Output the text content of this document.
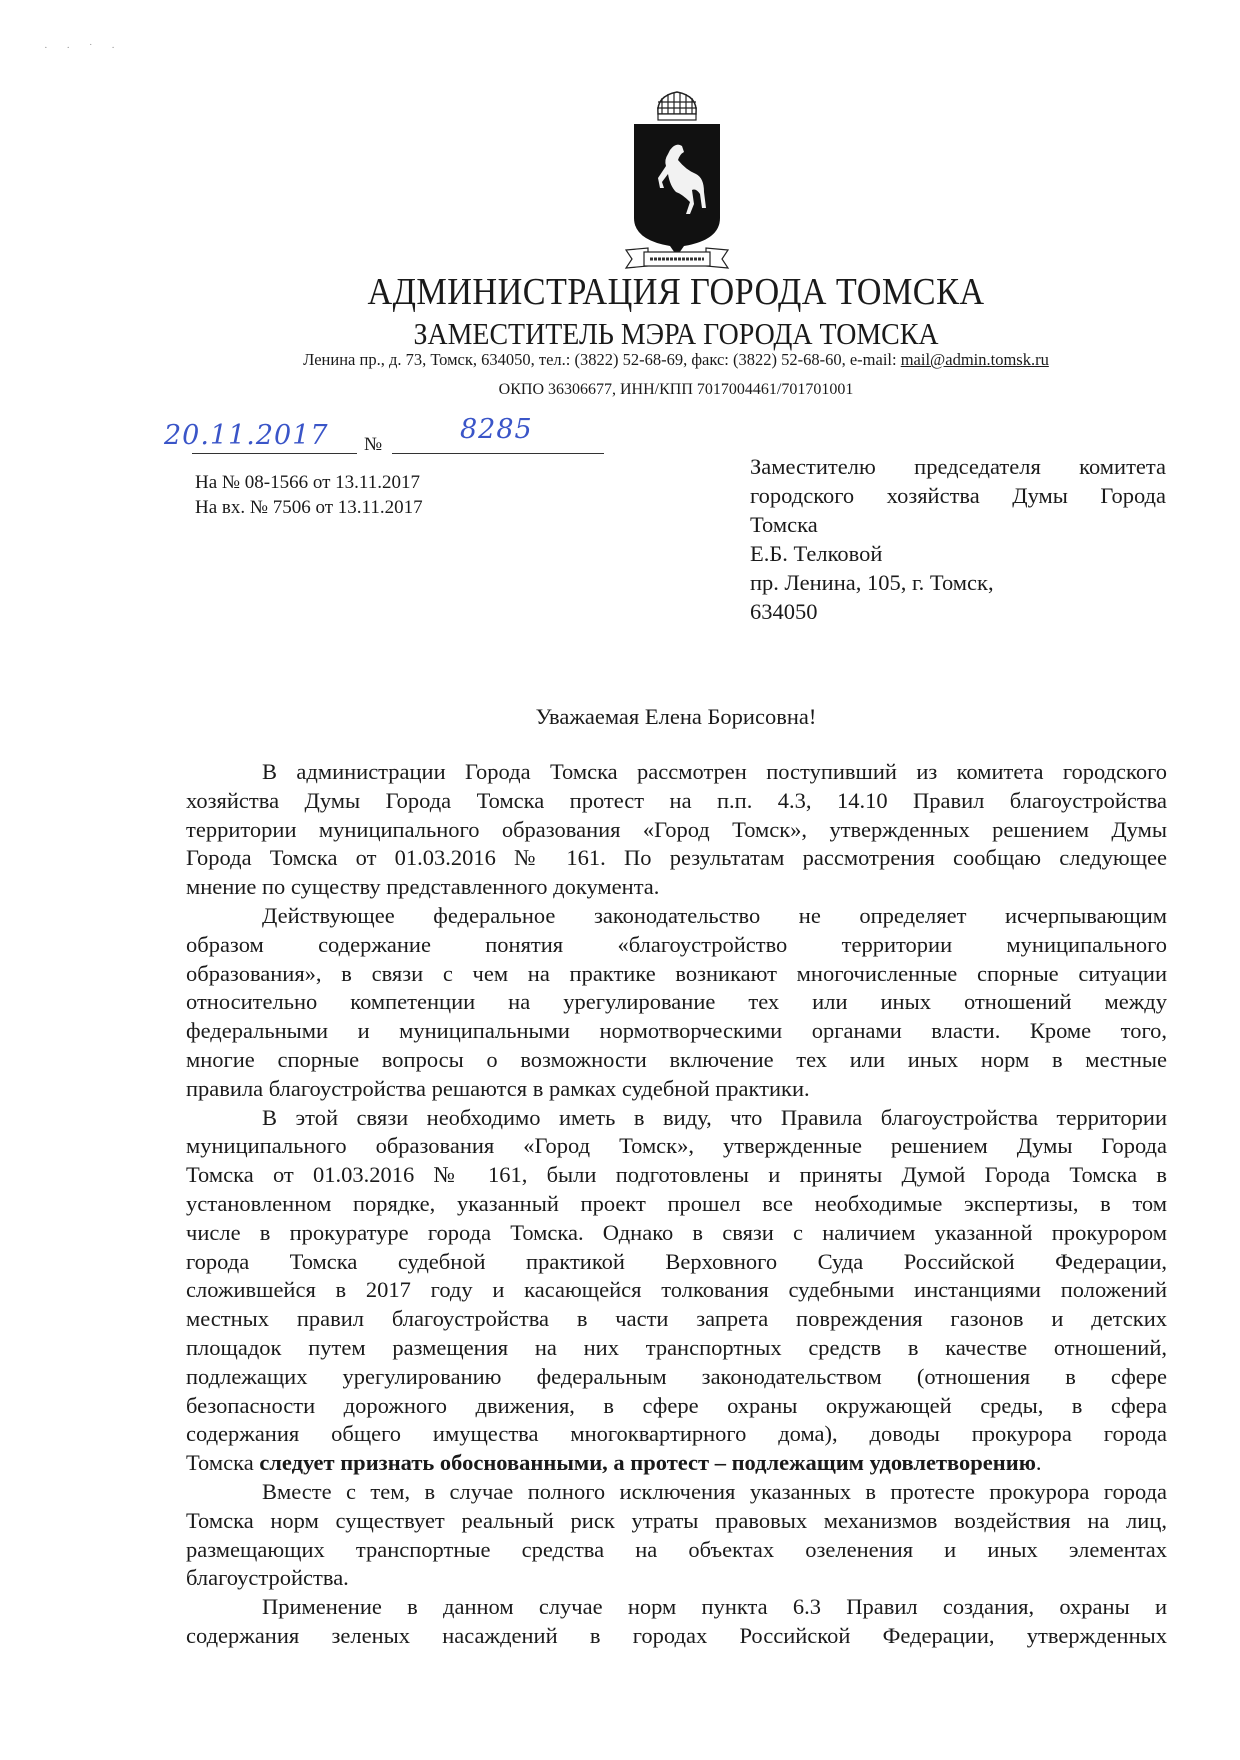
· · ˙ ·
АДМИНИСТРАЦИЯ ГОРОДА ТОМСКА
ЗАМЕСТИТЕЛЬ МЭРА ГОРОДА ТОМСКА
Ленина пр., д. 73, Томск, 634050, тел.: (3822) 52-68-69, факс: (3822) 52-68-60, e-mail: mail@admin.tomsk.ru
ОКПО 36306677, ИНН/КПП 7017004461/701701001
20.11.2017 №	8285
На № 08-1566 от 13.11.2017
На вх. № 7506 от 13.11.2017
Заместителю председателя комитета
городского хозяйства Думы Города
Томска
Е.Б. Телковой
пр. Ленина, 105, г. Томск,
634050
Уважаемая Елена Борисовна!
В администрации Города Томска рассмотрен поступивший из комитета городского
хозяйства Думы Города Томска протест на п.п. 4.3, 14.10 Правил благоустройства
территории муниципального образования «Город Томск», утвержденных решением Думы
Города Томска от 01.03.2016 № 161. По результатам рассмотрения сообщаю следующее
мнение по существу представленного документа.
Действующее федеральное законодательство не определяет исчерпывающим
образом содержание понятия «благоустройство территории муниципального
образования», в связи с чем на практике возникают многочисленные спорные ситуации
относительно компетенции на урегулирование тех или иных отношений между
федеральными и муниципальными нормотворческими органами власти. Кроме того,
многие спорные вопросы о возможности включение тех или иных норм в местные
правила благоустройства решаются в рамках судебной практики.
В этой связи необходимо иметь в виду, что Правила благоустройства территории
муниципального образования «Город Томск», утвержденные решением Думы Города
Томска от 01.03.2016 № 161, были подготовлены и приняты Думой Города Томска в
установленном порядке, указанный проект прошел все необходимые экспертизы, в том
числе в прокуратуре города Томска. Однако в связи с наличием указанной прокурором
города Томска судебной практикой Верховного Суда Российской Федерации,
сложившейся в 2017 году и касающейся толкования судебными инстанциями положений
местных правил благоустройства в части запрета повреждения газонов и детских
площадок путем размещения на них транспортных средств в качестве отношений,
подлежащих урегулированию федеральным законодательством (отношения в сфере
безопасности дорожного движения, в сфере охраны окружающей среды, в сфера
содержания общего имущества многоквартирного дома), доводы прокурора города
Томска следует признать обоснованными, а протест – подлежащим удовлетворению.
Вместе с тем, в случае полного исключения указанных в протесте прокурора города
Томска норм существует реальный риск утраты правовых механизмов воздействия на лиц,
размещающих транспортные средства на объектах озеленения и иных элементах
благоустройства.
Применение в данном случае норм пункта 6.3 Правил создания, охраны и
содержания зеленых насаждений в городах Российской Федерации, утвержденных
